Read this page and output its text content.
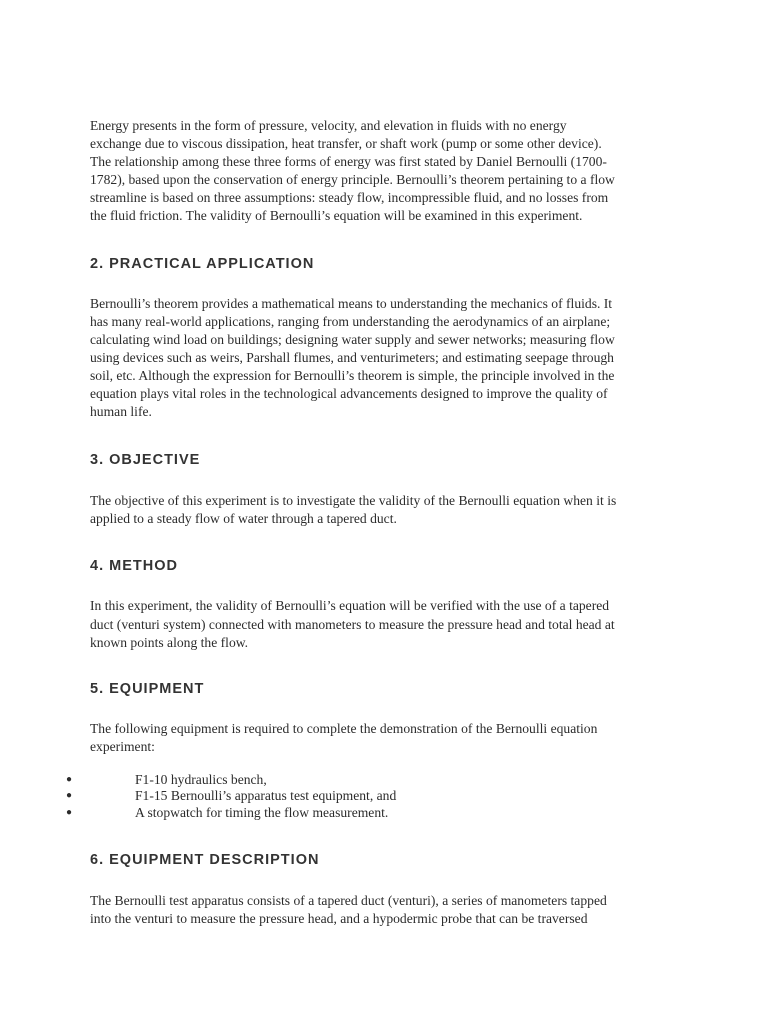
Energy presents in the form of pressure, velocity, and elevation in fluids with no energy
exchange due to viscous dissipation, heat transfer, or shaft work (pump or some other device).
The relationship among these three forms of energy was first stated by Daniel Bernoulli (1700-
1782), based upon the conservation of energy principle. Bernoulli’s theorem pertaining to a flow
streamline is based on three assumptions: steady flow, incompressible fluid, and no losses from
the fluid friction. The validity of Bernoulli’s equation will be examined in this experiment.

2. PRACTICAL APPLICATION

Bernoulli’s theorem provides a mathematical means to understanding the mechanics of fluids. It
has many real-world applications, ranging from understanding the aerodynamics of an airplane;
calculating wind load on buildings; designing water supply and sewer networks; measuring flow
using devices such as weirs, Parshall flumes, and venturimeters; and estimating seepage through
soil, etc. Although the expression for Bernoulli’s theorem is simple, the principle involved in the
equation plays vital roles in the technological advancements designed to improve the quality of
human life.

3. OBJECTIVE

The objective of this experiment is to investigate the validity of the Bernoulli equation when it is
applied to a steady flow of water through a tapered duct.

4. METHOD

In this experiment, the validity of Bernoulli’s equation will be verified with the use of a tapered
duct (venturi system) connected with manometers to measure the pressure head and total head at
known points along the flow.

5. EQUIPMENT

The following equipment is required to complete the demonstration of the Bernoulli equation
experiment:

●	F1-10 hydraulics bench,
●	F1-15 Bernoulli’s apparatus test equipment, and
●	A stopwatch for timing the flow measurement.
6. EQUIPMENT DESCRIPTION

The Bernoulli test apparatus consists of a tapered duct (venturi), a series of manometers tapped
into the venturi to measure the pressure head, and a hypodermic probe that can be traversed
